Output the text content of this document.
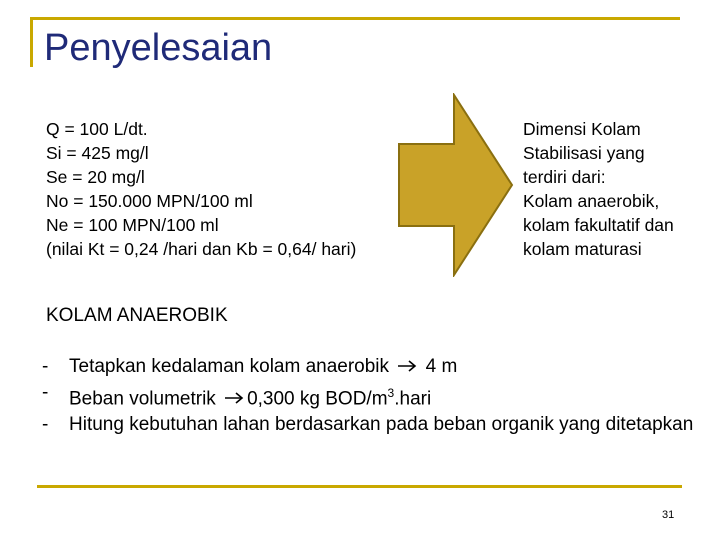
Penyelesaian
Q = 100 L/dt.
Si = 425 mg/l
Se = 20 mg/l
No = 150.000 MPN/100 ml
Ne = 100 MPN/100 ml
(nilai Kt = 0,24 /hari dan Kb = 0,64/ hari)
Dimensi Kolam
Stabilisasi yang
terdiri dari:
Kolam anaerobik,
kolam fakultatif dan
kolam maturasi
KOLAM ANAEROBIK
- Tetapkan kedalaman kolam anaerobik 4 m
- Beban volumetrik 0,300 kg BOD/$m^3.hari$
- Hitung kebutuhan lahan berdasarkan pada beban organik yang ditetapkan
31
